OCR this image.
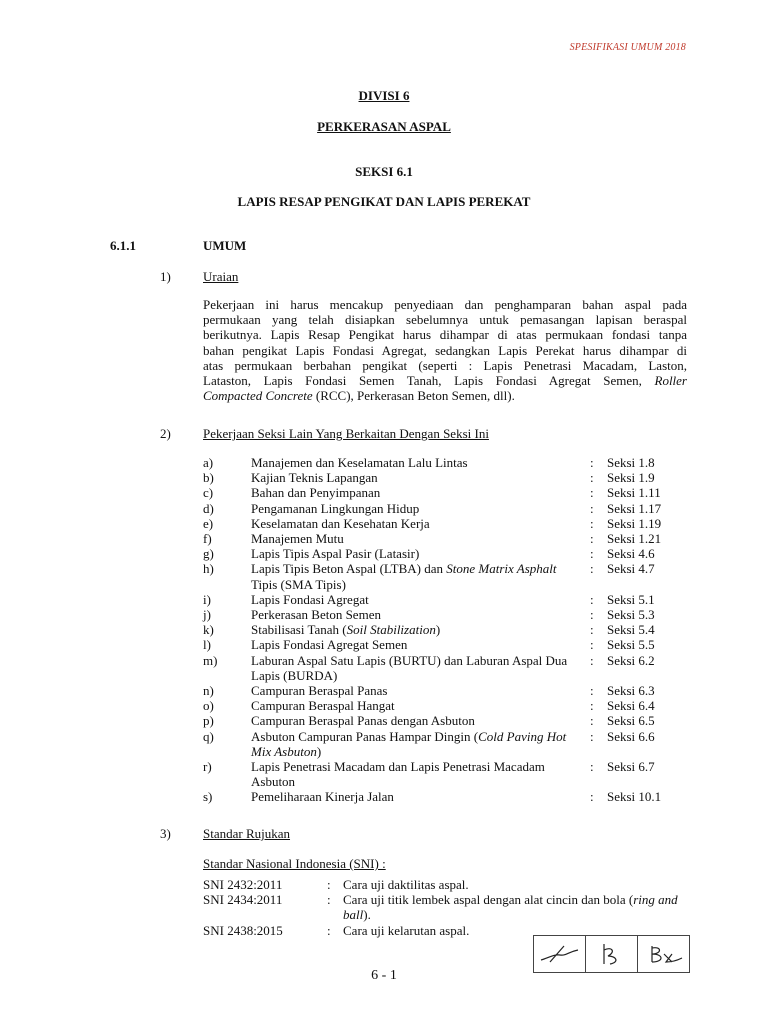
SPESIFIKASI UMUM 2018
DIVISI 6
PERKERASAN ASPAL
SEKSI 6.1
LAPIS RESAP PENGIKAT DAN LAPIS PEREKAT
6.1.1	UMUM
1) Uraian
Pekerjaan ini harus mencakup penyediaan dan penghamparan bahan aspal pada
permukaan yang telah disiapkan sebelumnya untuk pemasangan lapisan beraspal
berikutnya. Lapis Resap Pengikat harus dihampar di atas permukaan fondasi tanpa
bahan pengikat Lapis Fondasi Agregat, sedangkan Lapis Perekat harus dihampar di
atas permukaan berbahan pengikat (seperti : Lapis Penetrasi Macadam, Laston,
Lataston, Lapis Fondasi Semen Tanah, Lapis Fondasi Agregat Semen, Roller
Compacted Concrete (RCC), Perkerasan Beton Semen, dll).
2) Pekerjaan Seksi Lain Yang Berkaitan Dengan Seksi Ini
a)	Manajemen dan Keselamatan Lalu Lintas	: Seksi 1.8
b)	Kajian Teknis Lapangan	: Seksi 1.9
c)	Bahan dan Penyimpanan	: Seksi 1.11
d)	Pengamanan Lingkungan Hidup	: Seksi 1.17
e)	Keselamatan dan Kesehatan Kerja	: Seksi 1.19
f)	Manajemen Mutu	: Seksi 1.21
g)	Lapis Tipis Aspal Pasir (Latasir)	: Seksi 4.6
h)	Lapis Tipis Beton Aspal (LTBA) dan Stone Matrix Asphalt Tipis (SMA Tipis)
: Seksi 4.7
i)	Lapis Fondasi Agregat	: Seksi 5.1
j)	Perkerasan Beton Semen	: Seksi 5.3
k)	Stabilisasi Tanah (Soil Stabilization)	: Seksi 5.4
l)	Lapis Fondasi Agregat Semen	: Seksi 5.5
m)	Laburan Aspal Satu Lapis (BURTU) dan Laburan Aspal Dua Lapis (BURDA)
: Seksi 6.2
n)	Campuran Beraspal Panas	: Seksi 6.3
o)	Campuran Beraspal Hangat	: Seksi 6.4
p)	Campuran Beraspal Panas dengan Asbuton	: Seksi 6.5
q)	Asbuton Campuran Panas Hampar Dingin (Cold Paving Hot Mix Asbuton)
: Seksi 6.6
r)	Lapis Penetrasi Macadam dan Lapis Penetrasi Macadam Asbuton
: Seksi 6.7
s)	Pemeliharaan Kinerja Jalan	: Seksi 10.1
3) Standar Rujukan
Standar Nasional Indonesia (SNI) :
SNI 2432:2011	: Cara uji daktilitas aspal.
SNI 2434:2011	: Cara uji titik lembek aspal dengan alat cincin dan bola (ring and ball).
SNI 2438:2015	: Cara uji kelarutan aspal.
6 - 1
